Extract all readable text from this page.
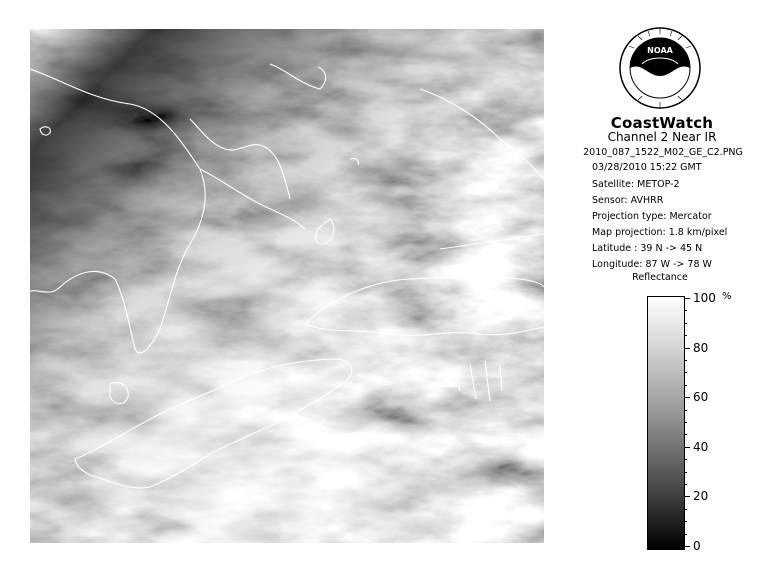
NOAA
CoastWatch
Channel 2 Near IR
2010_087_1522_M02_GE_C2.PNG
03/28/2010 15:22 GMT
Satellite: METOP-2
Sensor: AVHRR
Projection type: Mercator
Map projection: 1.8 km/pixel
Latitude : 39 N -> 45 N
Longitude: 87 W -> 78 W
Reflectance
%
100
80
60
40
20
0
